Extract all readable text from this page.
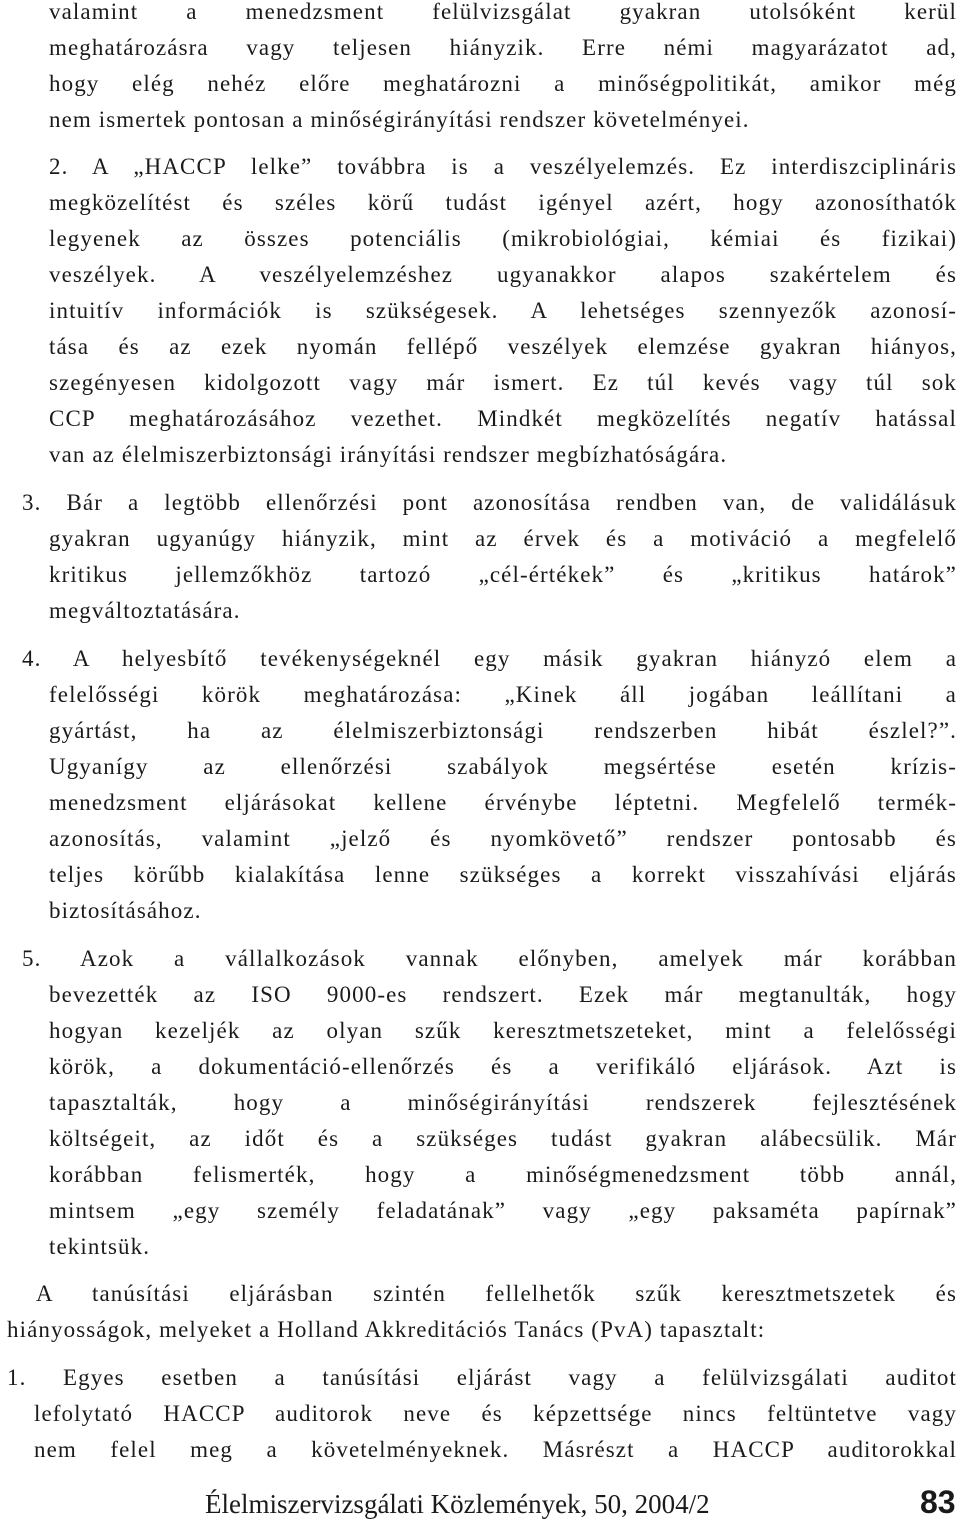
valamint a menedzsment felülvizsgálat gyakran utolsóként kerül
meghatározásra vagy teljesen hiányzik. Erre némi magyarázatot ad,
hogy elég nehéz előre meghatározni a minőségpolitikát, amikor még
nem ismertek pontosan a minőségirányítási rendszer követelményei.
2. A „HACCP lelke” továbbra is a veszélyelemzés. Ez interdiszciplináris
megközelítést és széles körű tudást igényel azért, hogy azonosíthatók
legyenek az összes potenciális (mikrobiológiai, kémiai és fizikai)
veszélyek. A veszélyelemzéshez ugyanakkor alapos szakértelem és
intuitív információk is szükségesek. A lehetséges szennyezők azonosí-
tása és az ezek nyomán fellépő veszélyek elemzése gyakran hiányos,
szegényesen kidolgozott vagy már ismert. Ez túl kevés vagy túl sok
CCP meghatározásához vezethet. Mindkét megközelítés negatív hatással
van az élelmiszerbiztonsági irányítási rendszer megbízhatóságára.
3. Bár a legtöbb ellenőrzési pont azonosítása rendben van, de validálásuk
gyakran ugyanúgy hiányzik, mint az érvek és a motiváció a megfelelő
kritikus jellemzőkhöz tartozó „cél-értékek” és „kritikus határok”
megváltoztatására.
4. A helyesbítő tevékenységeknél egy másik gyakran hiányzó elem a
felelősségi körök meghatározása: „Kinek áll jogában leállítani a
gyártást, ha az élelmiszerbiztonsági rendszerben hibát észlel?”.
Ugyanígy az ellenőrzési szabályok megsértése esetén krízis-
menedzsment eljárásokat kellene érvénybe léptetni. Megfelelő termék-
azonosítás, valamint „jelző és nyomkövető” rendszer pontosabb és
teljes körűbb kialakítása lenne szükséges a korrekt visszahívási eljárás
biztosításához.
5. Azok a vállalkozások vannak előnyben, amelyek már korábban
bevezették az ISO 9000-es rendszert. Ezek már megtanulták, hogy
hogyan kezeljék az olyan szűk keresztmetszeteket, mint a felelősségi
körök, a dokumentáció-ellenőrzés és a verifikáló eljárások. Azt is
tapasztalták, hogy a minőségirányítási rendszerek fejlesztésének
költségeit, az időt és a szükséges tudást gyakran alábecsülik. Már
korábban felismerték, hogy a minőségmenedzsment több annál,
mintsem „egy személy feladatának” vagy „egy paksaméta papírnak”
tekintsük.
A tanúsítási eljárásban szintén fellelhetők szűk keresztmetszetek és
hiányosságok, melyeket a Holland Akkreditációs Tanács (PvA) tapasztalt:
1. Egyes esetben a tanúsítási eljárást vagy a felülvizsgálati auditot
lefolytató HACCP auditorok neve és képzettsége nincs feltüntetve vagy
nem felel meg a követelményeknek. Másrészt a HACCP auditorokkal
Élelmiszervizsgálati Közlemények, 50, 2004/2	83
